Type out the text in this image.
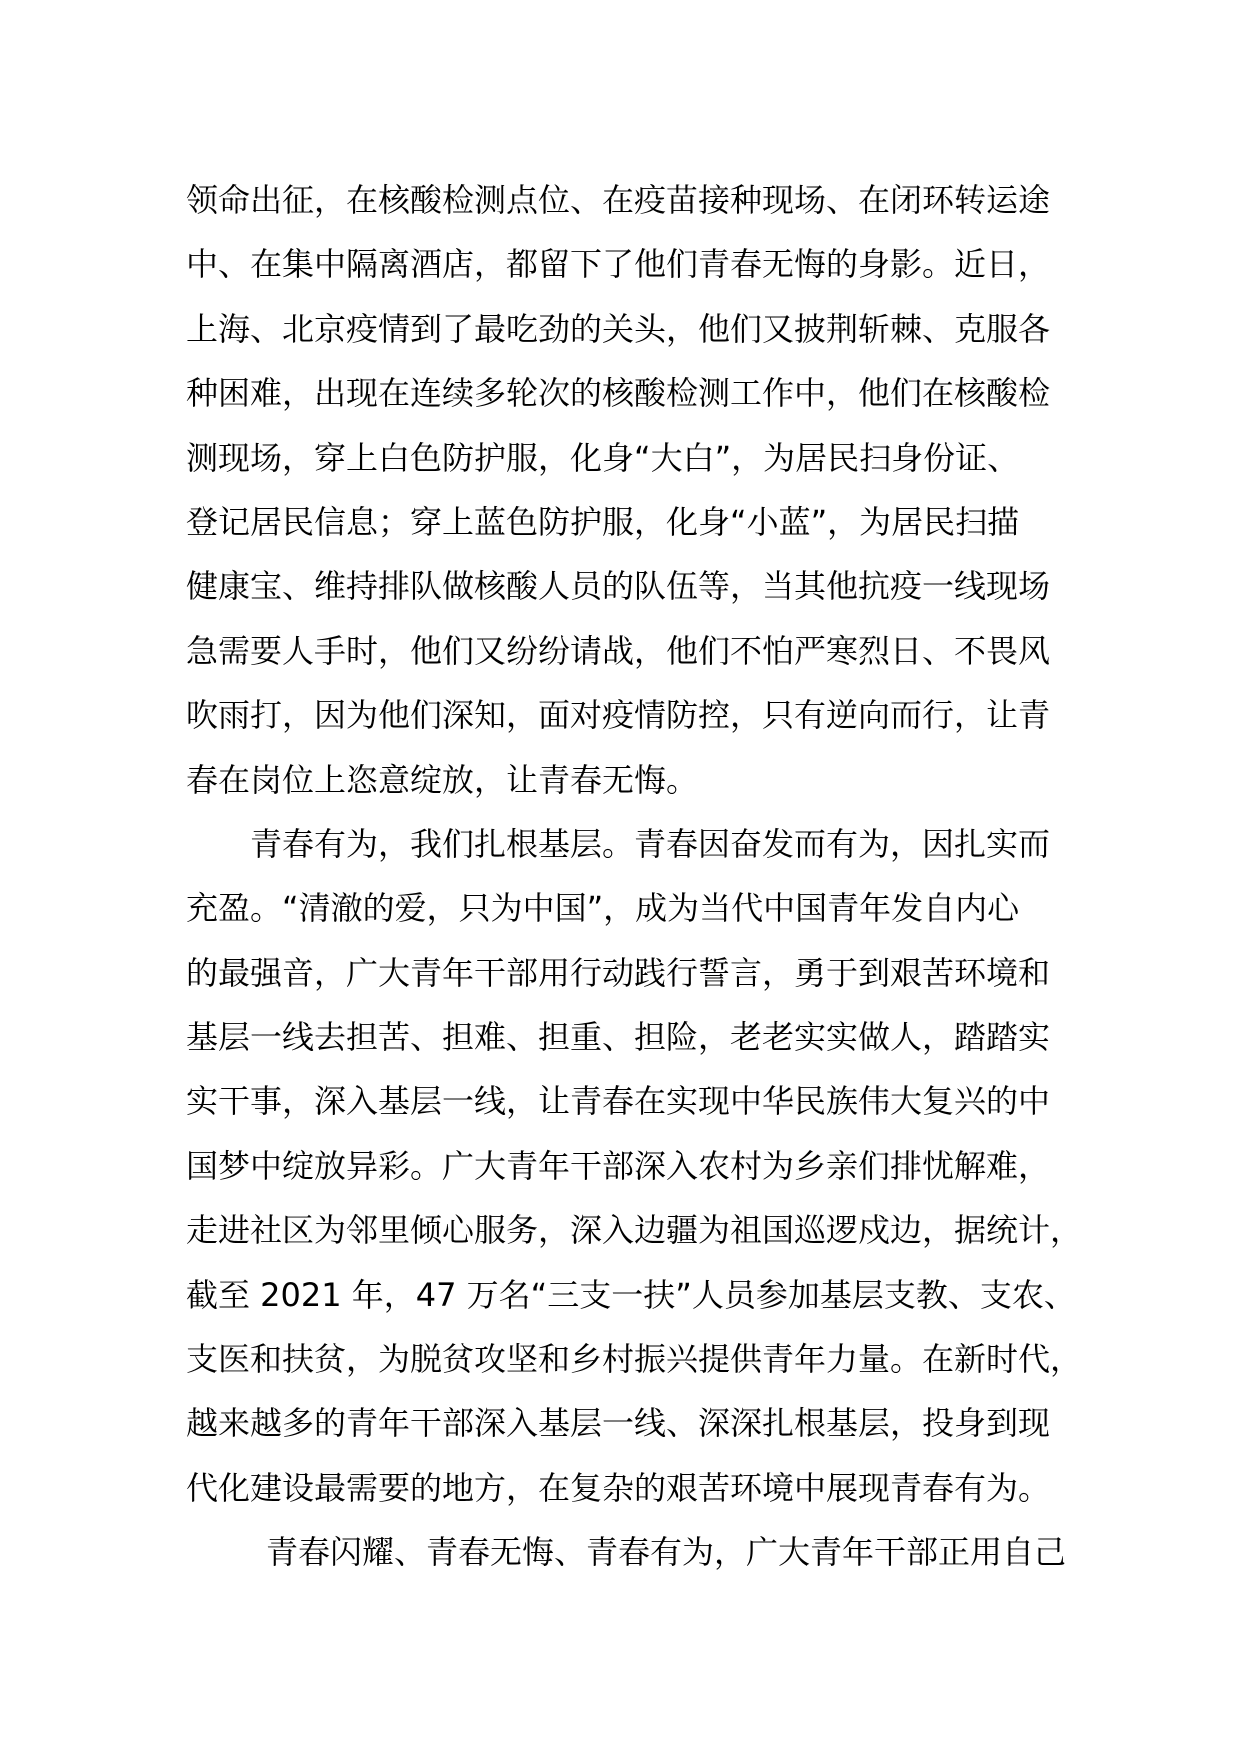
领命出征，在核酸检测点位、在疫苗接种现场、在闭环转运途
中、在集中隔离酒店，都留下了他们青春无悔的身影。近日，
上海、北京疫情到了最吃劲的关头，他们又披荆斩棘、克服各
种困难，出现在连续多轮次的核酸检测工作中，他们在核酸检
测现场，穿上白色防护服，化身“大白”，为居民扫身份证、
登记居民信息；穿上蓝色防护服，化身“小蓝”，为居民扫描
健康宝、维持排队做核酸人员的队伍等，当其他抗疫一线现场
急需要人手时，他们又纷纷请战，他们不怕严寒烈日、不畏风
吹雨打，因为他们深知，面对疫情防控，只有逆向而行，让青
春在岗位上恣意绽放，让青春无悔。
青春有为，我们扎根基层。青春因奋发而有为，因扎实而
充盈。“清澈的爱，只为中国”，成为当代中国青年发自内心
的最强音，广大青年干部用行动践行誓言，勇于到艰苦环境和
基层一线去担苦、担难、担重、担险，老老实实做人，踏踏实
实干事，深入基层一线，让青春在实现中华民族伟大复兴的中
国梦中绽放异彩。广大青年干部深入农村为乡亲们排忧解难，
走进社区为邻里倾心服务，深入边疆为祖国巡逻戍边，据统计，
截至 2021 年，47 万名“三支一扶”人员参加基层支教、支农、
支医和扶贫，为脱贫攻坚和乡村振兴提供青年力量。在新时代，
越来越多的青年干部深入基层一线、深深扎根基层，投身到现
代化建设最需要的地方，在复杂的艰苦环境中展现青春有为。
青春闪耀、青春无悔、青春有为，广大青年干部正用自己
